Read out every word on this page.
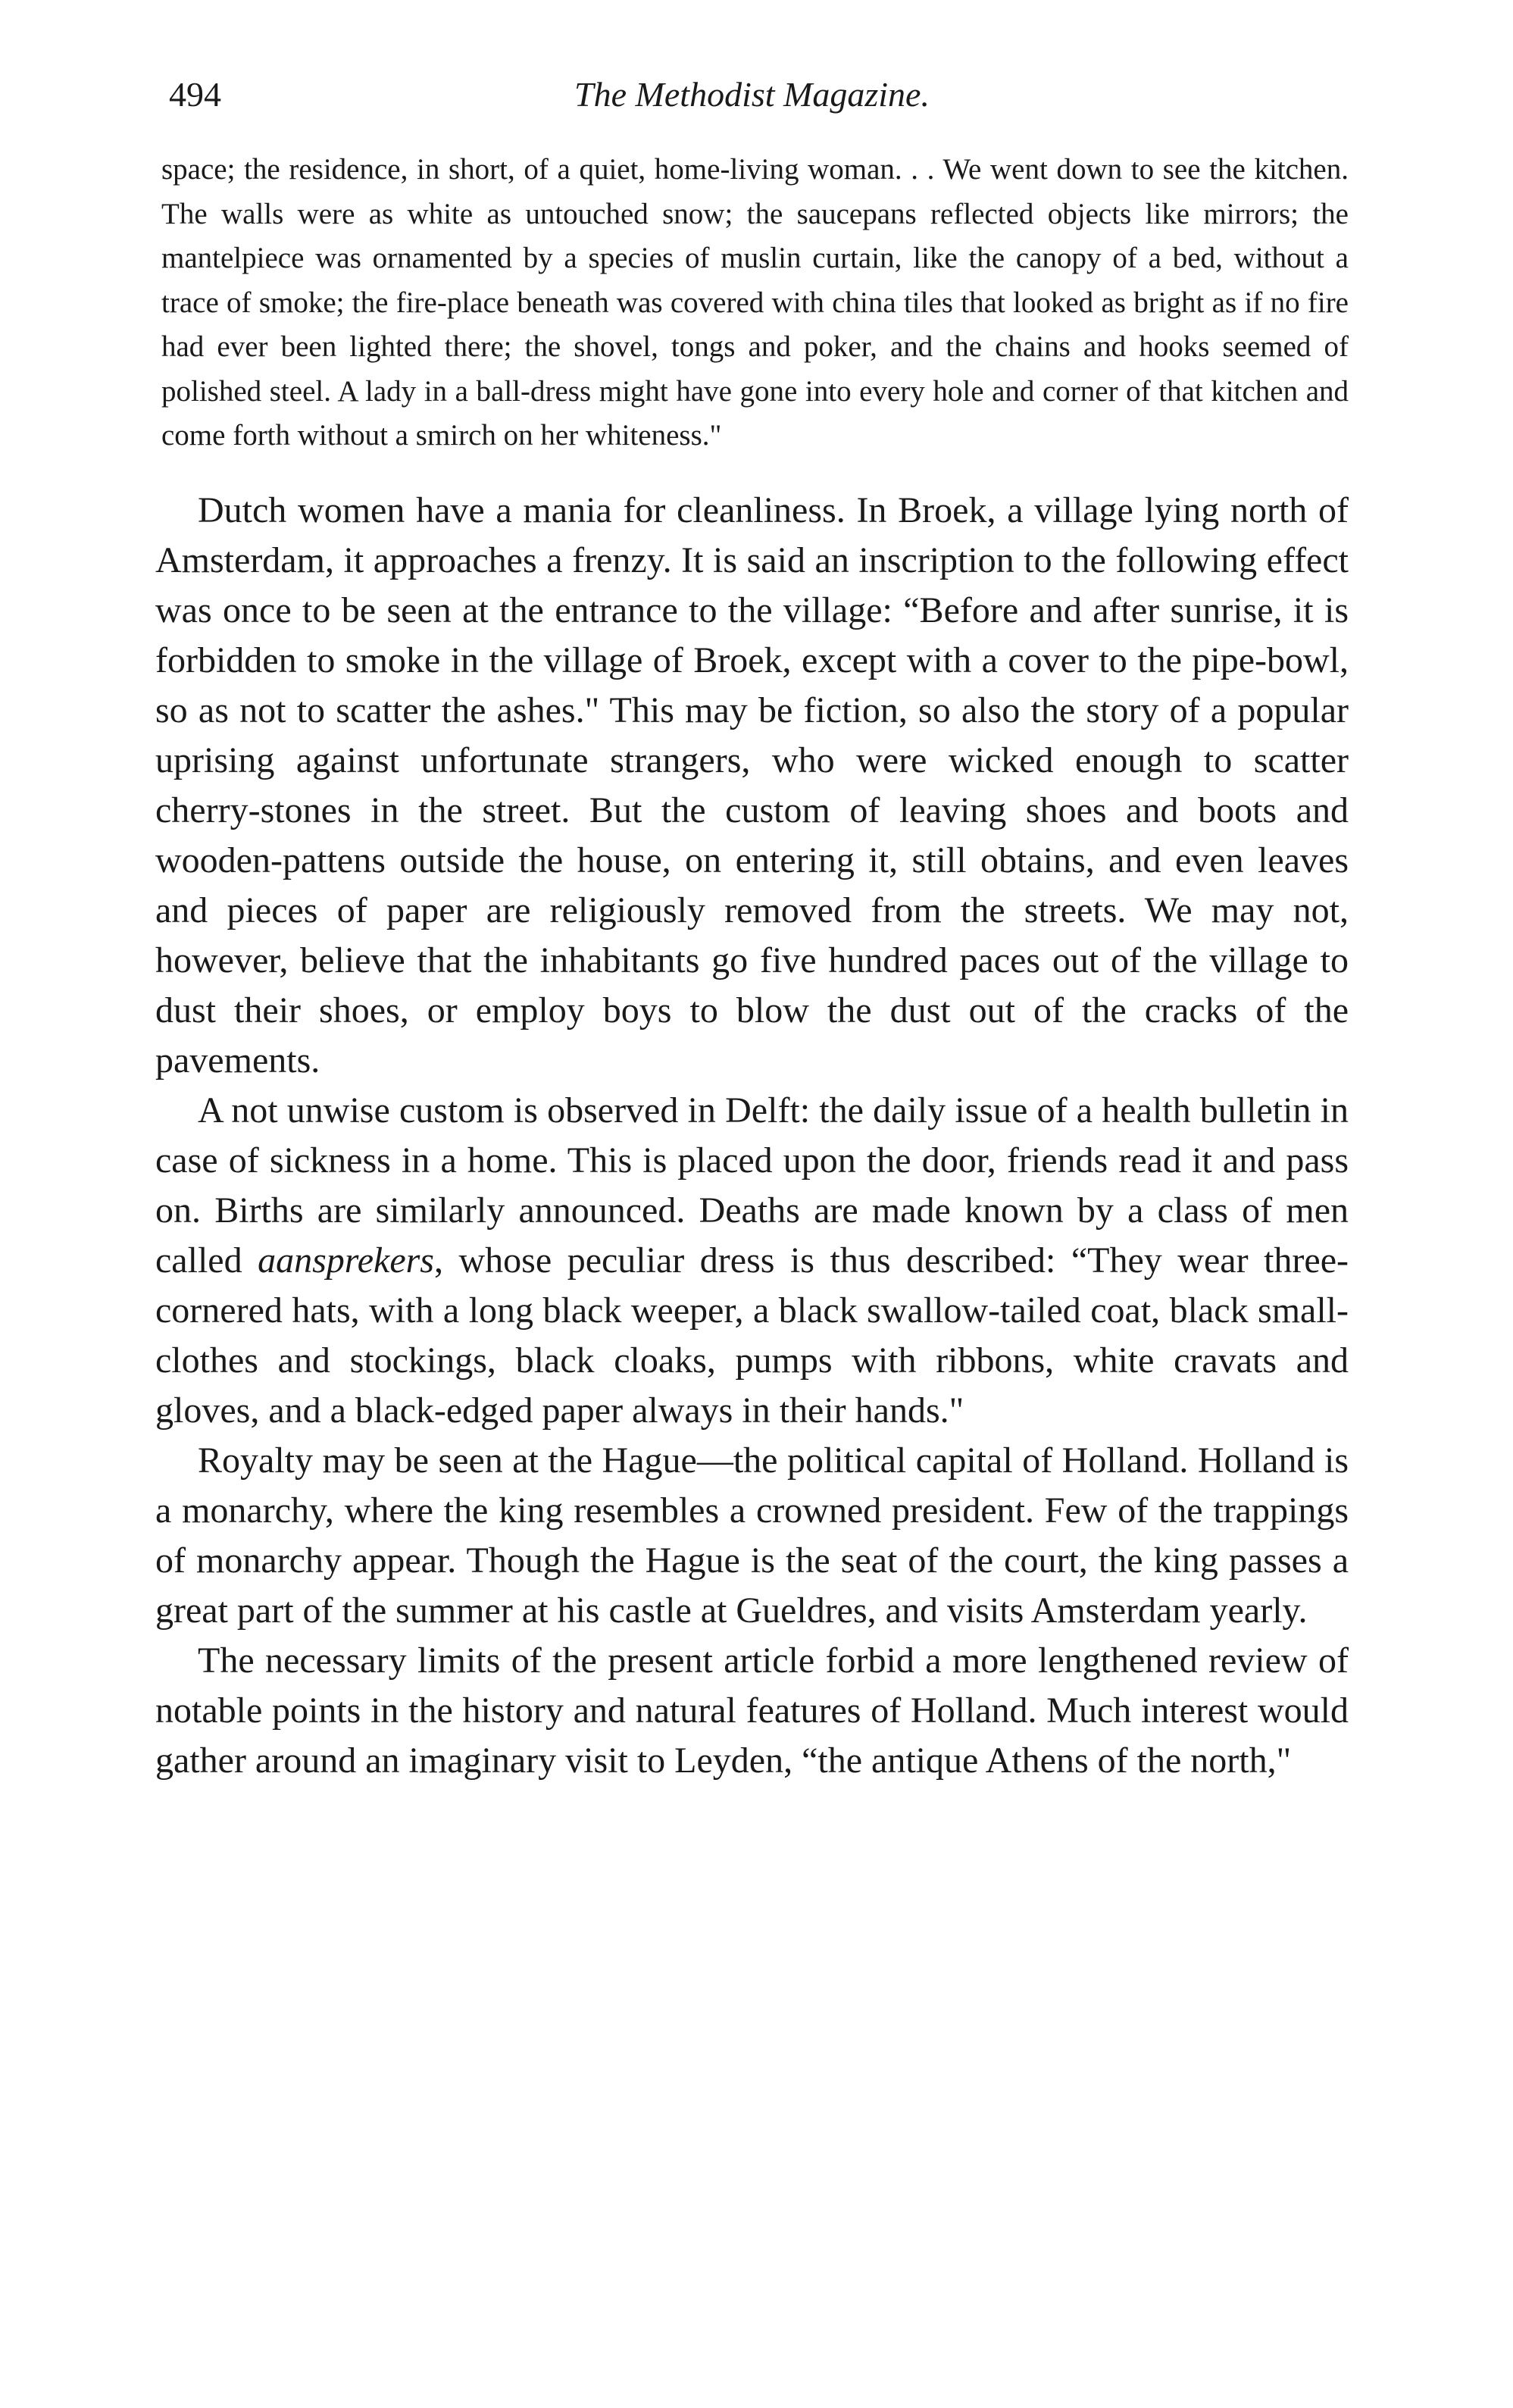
494	The Methodist Magazine.
space; the residence, in short, of a quiet, home-living woman. . . We went down to see the kitchen. The walls were as white as untouched snow; the saucepans reflected objects like mirrors; the mantelpiece was ornamented by a species of muslin curtain, like the canopy of a bed, without a trace of smoke; the fire-place beneath was covered with china tiles that looked as bright as if no fire had ever been lighted there; the shovel, tongs and poker, and the chains and hooks seemed of polished steel. A lady in a ball-dress might have gone into every hole and corner of that kitchen and come forth without a smirch on her whiteness."

Dutch women have a mania for cleanliness. In Broek, a village lying north of Amsterdam, it approaches a frenzy. It is said an inscription to the following effect was once to be seen at the entrance to the village: “Before and after sunrise, it is forbidden to smoke in the village of Broek, except with a cover to the pipe-bowl, so as not to scatter the ashes." This may be fiction, so also the story of a popular uprising against unfortunate strangers, who were wicked enough to scatter cherry-stones in the street. But the custom of leaving shoes and boots and wooden-pattens outside the house, on entering it, still obtains, and even leaves and pieces of paper are religiously removed from the streets. We may not, however, believe that the inhabitants go five hundred paces out of the village to dust their shoes, or employ boys to blow the dust out of the cracks of the pavements.

A not unwise custom is observed in Delft: the daily issue of a health bulletin in case of sickness in a home. This is placed upon the door, friends read it and pass on. Births are similarly announced. Deaths are made known by a class of men called aansprekers, whose peculiar dress is thus described: “They wear three-cornered hats, with a long black weeper, a black swallow-tailed coat, black small-clothes and stockings, black cloaks, pumps with ribbons, white cravats and gloves, and a black-edged paper always in their hands."

Royalty may be seen at the Hague—the political capital of Holland. Holland is a monarchy, where the king resembles a crowned president. Few of the trappings of monarchy appear. Though the Hague is the seat of the court, the king passes a great part of the summer at his castle at Gueldres, and visits Amsterdam yearly.

The necessary limits of the present article forbid a more lengthened review of notable points in the history and natural features of Holland. Much interest would gather around an imaginary visit to Leyden, “the antique Athens of the north,"
